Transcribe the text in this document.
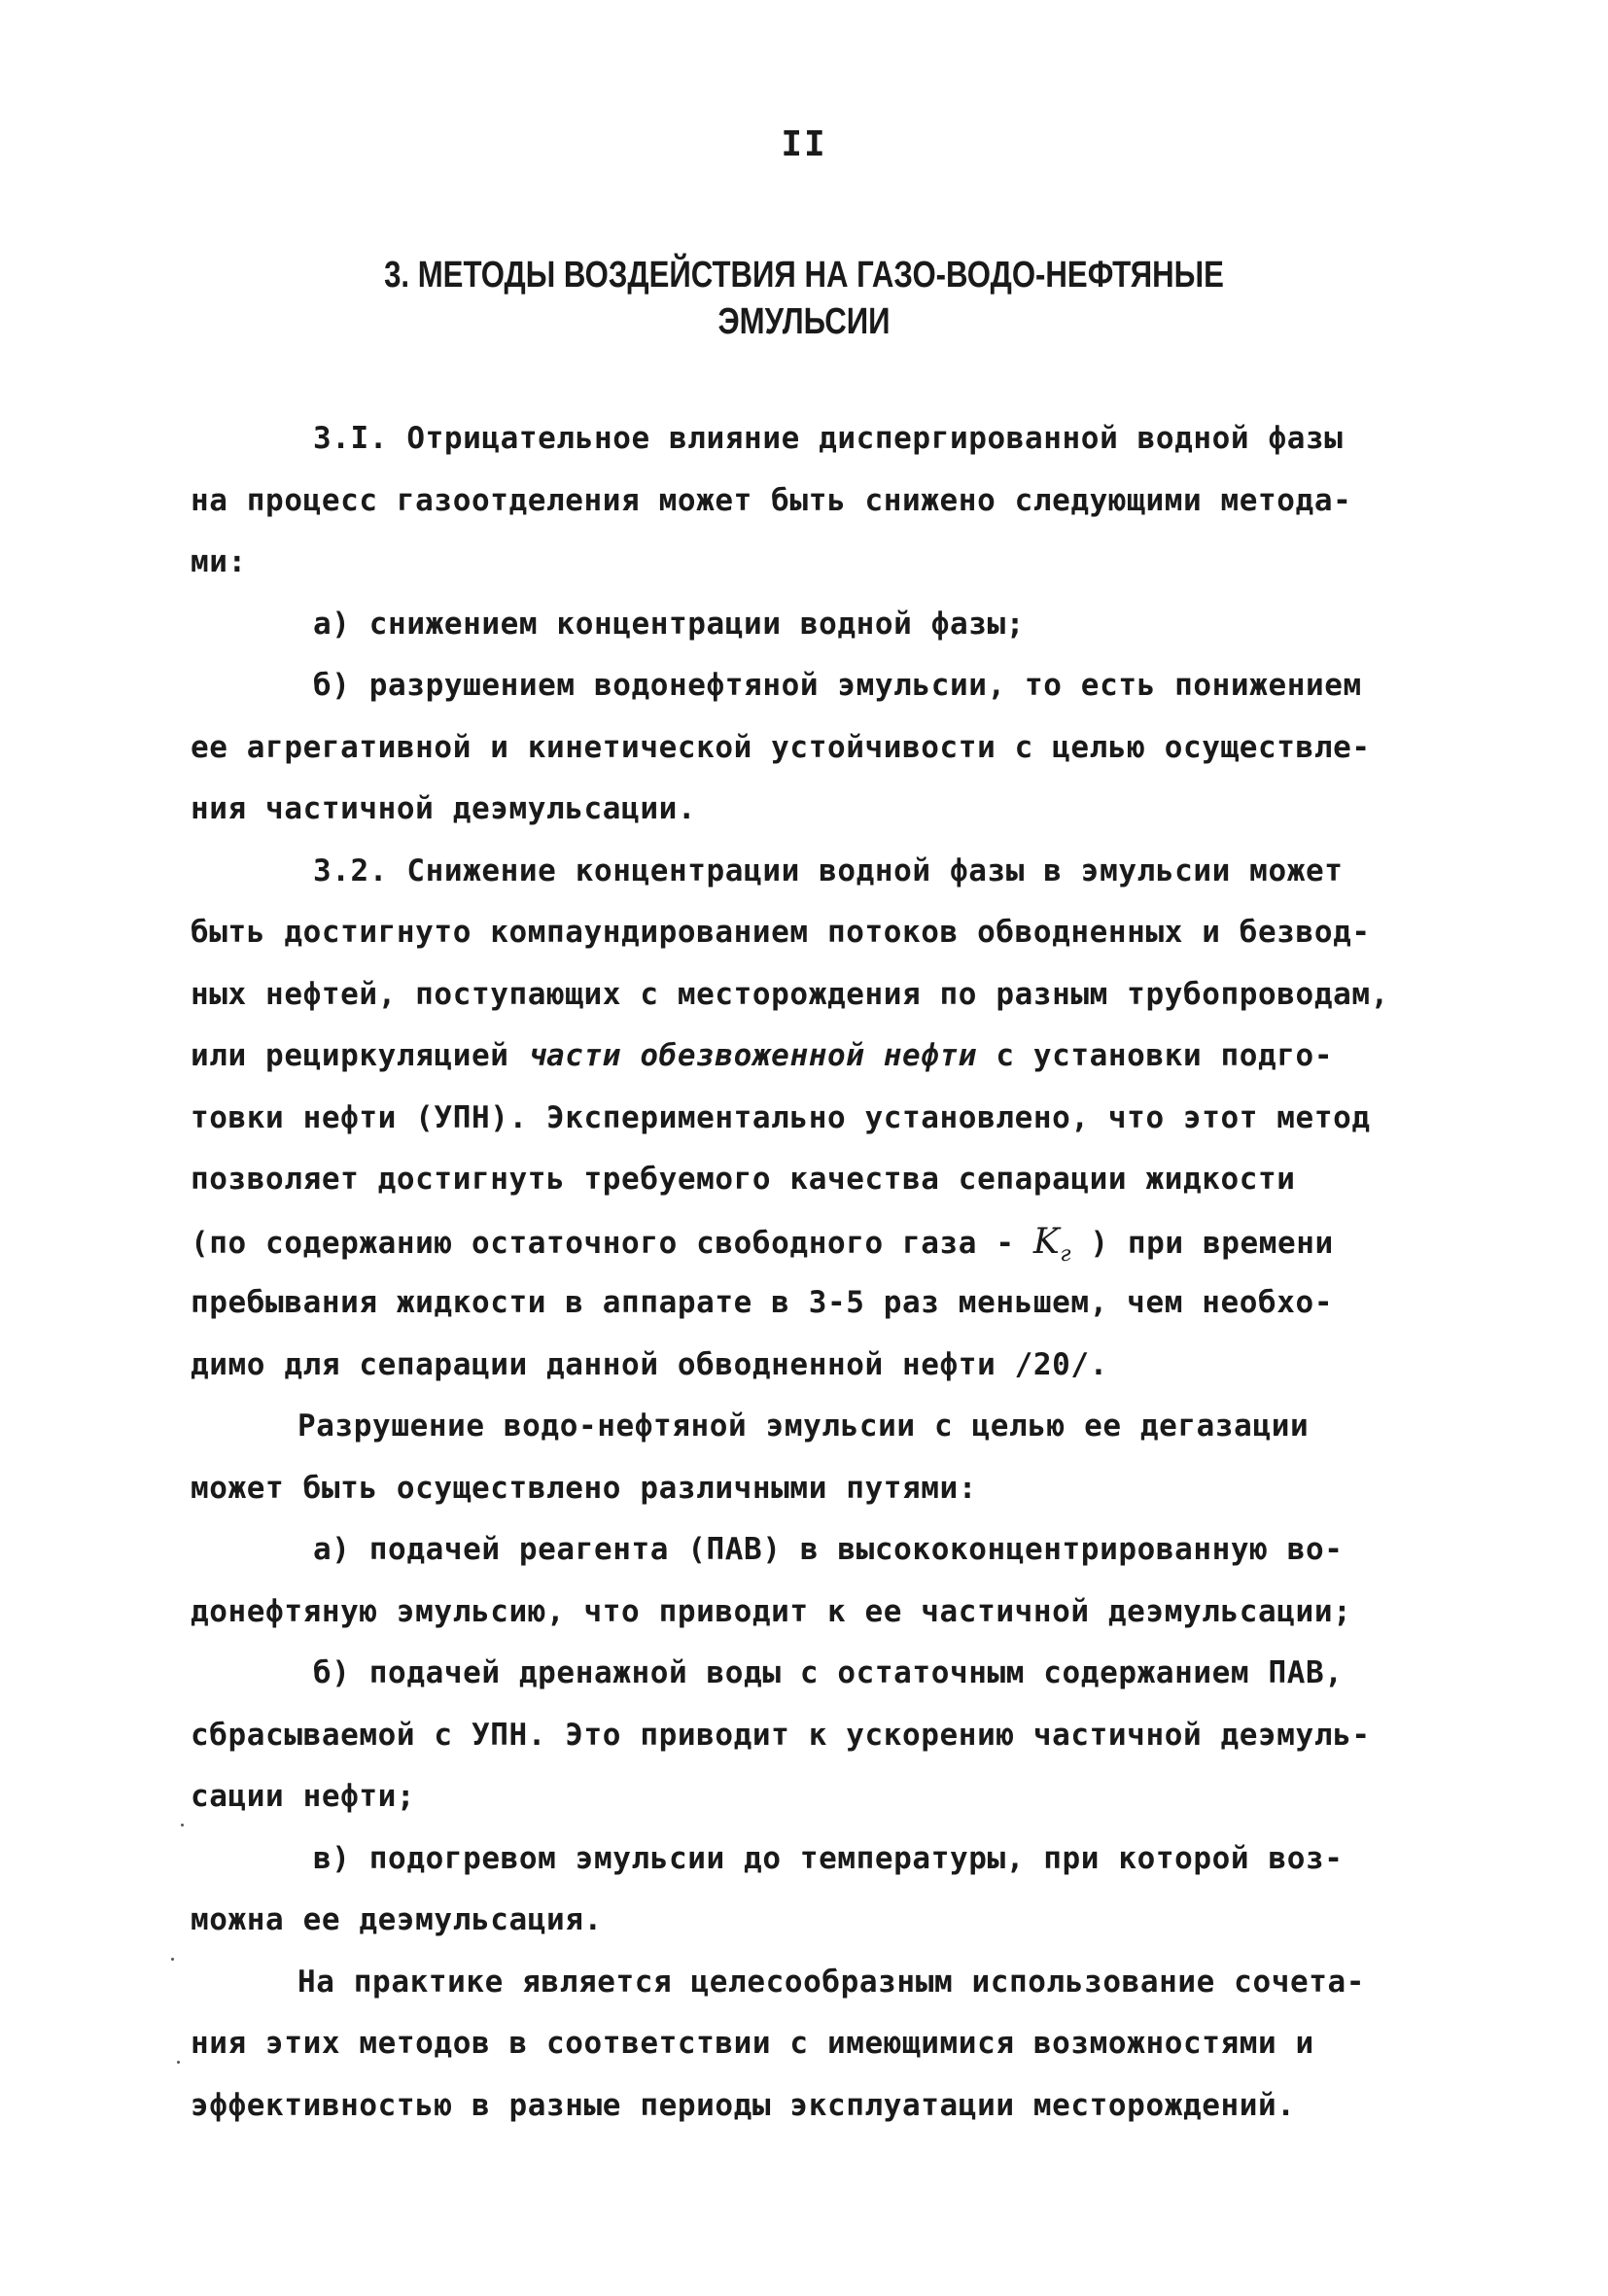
II
3. МЕТОДЫ ВОЗДЕЙСТВИЯ НА ГАЗО-ВОДО-НЕФТЯНЫЕ
ЭМУЛЬСИИ
3.I. Отрицательное влияние диспергированной водной фазы
на процесс газоотделения может быть снижено следующими метода-
ми:
а) снижением концентрации водной фазы;
б) разрушением водонефтяной эмульсии, то есть понижением
ее агрегативной и кинетической устойчивости с целью осуществле-
ния частичной деэмульсации.
3.2. Снижение концентрации водной фазы в эмульсии может
быть достигнуто компаундированием потоков обводненных и безвод-
ных нефтей, поступающих с месторождения по разным трубопроводам,
или рециркуляцией части обезвоженной нефти с установки подго-
товки нефти (УПН). Экспериментально установлено, что этот метод
позволяет достигнуть требуемого качества сепарации жидкости
(по содержанию остаточного свободного газа - $K_г$ ) при времени
пребывания жидкости в аппарате в 3-5 раз меньшем, чем необхо-
димо для сепарации данной обводненной нефти /20/.
Разрушение водо-нефтяной эмульсии с целью ее дегазации
может быть осуществлено различными путями:
а) подачей реагента (ПАВ) в высококонцентрированную во-
донефтяную эмульсию, что приводит к ее частичной деэмульсации;
б) подачей дренажной воды с остаточным содержанием ПАВ,
сбрасываемой с УПН. Это приводит к ускорению частичной деэмуль-
сации нефти;
в) подогревом эмульсии до температуры, при которой воз-
можна ее деэмульсация.
На практике является целесообразным использование сочета-
ния этих методов в соответствии с имеющимися возможностями и
эффективностью в разные периоды эксплуатации месторождений.
